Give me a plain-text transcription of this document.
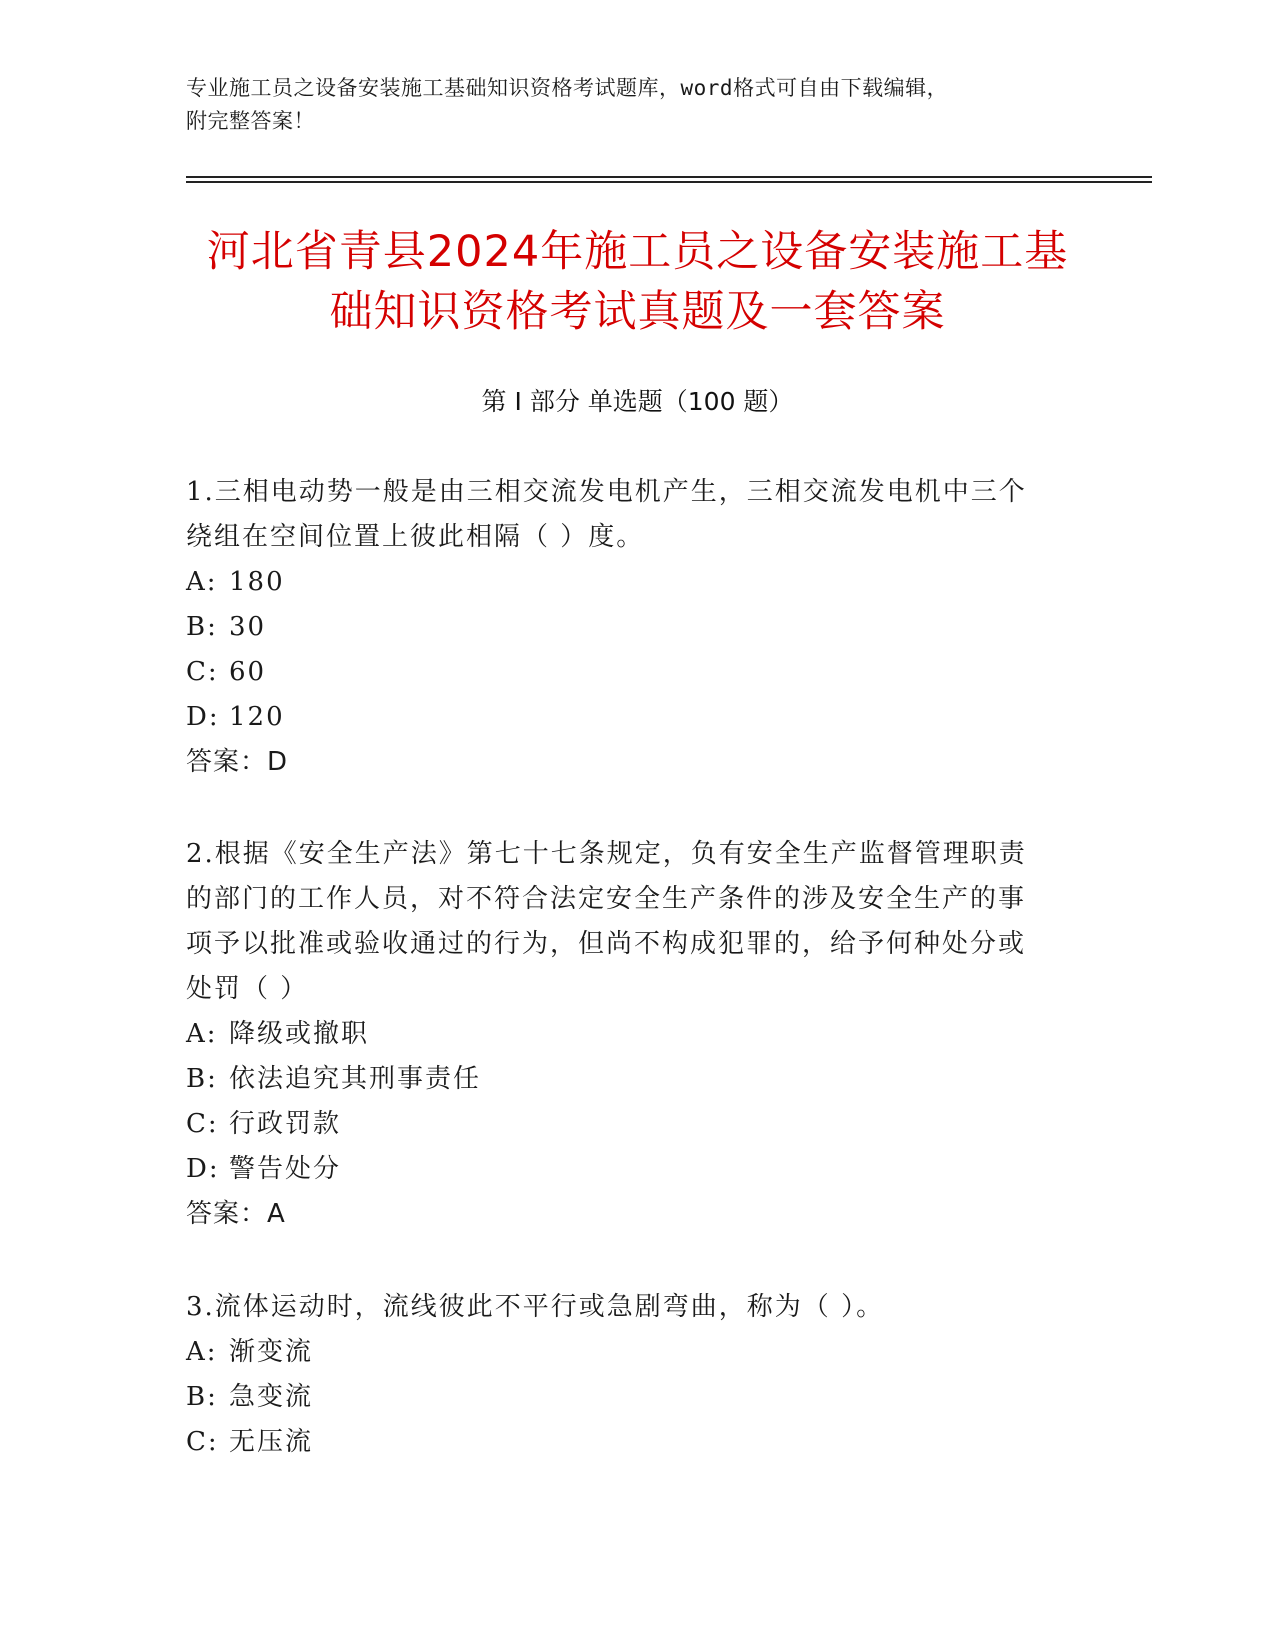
专业施工员之设备安装施工基础知识资格考试题库，word格式可自由下载编辑，
附完整答案！
河北省青县2024年施工员之设备安装施工基
础知识资格考试真题及一套答案
第 I 部分 单选题（100 题）

1.三相电动势一般是由三相交流发电机产生，三相交流发电机中三个

绕组在空间位置上彼此相隔（ ）度。

A: 180

B: 30

C: 60

D: 120

答案：D

2.根据《安全生产法》第七十七条规定，负有安全生产监督管理职责

的部门的工作人员，对不符合法定安全生产条件的涉及安全生产的事

项予以批准或验收通过的行为，但尚不构成犯罪的，给予何种处分或

处罚（ ）

A: 降级或撤职

B: 依法追究其刑事责任

C: 行政罚款

D: 警告处分

答案：A

3.流体运动时，流线彼此不平行或急剧弯曲，称为（ ）。

A: 渐变流

B: 急变流

C: 无压流
